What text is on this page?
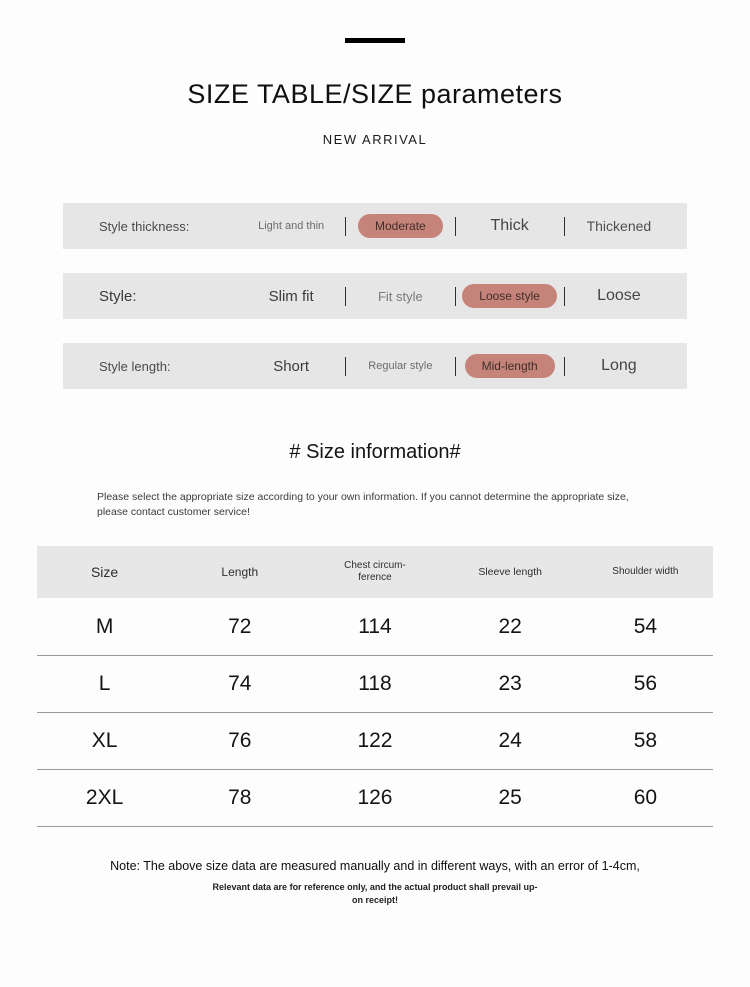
SIZE TABLE/SIZE parameters
NEW ARRIVAL
Style thickness:	Light and thin	Moderate	Thick	Thickened
Style:	Slim fit	Fit style	Loose style	Loose
Style length:	Short	Regular style	Mid-length	Long
# Size information#

Please select the appropriate size according to your own information. If you cannot determine the appropriate size, please contact customer service!

Size	Length	Chest circum-ference	Sleeve length	Shoulder width
M	72	114	22	54
L	74	118	23	56
XL	76	122	24	58
2XL	78	126	25	60
Note: The above size data are measured manually and in different ways, with an error of 1-4cm,
Relevant data are for reference only, and the actual product shall prevail up-
on receipt!
